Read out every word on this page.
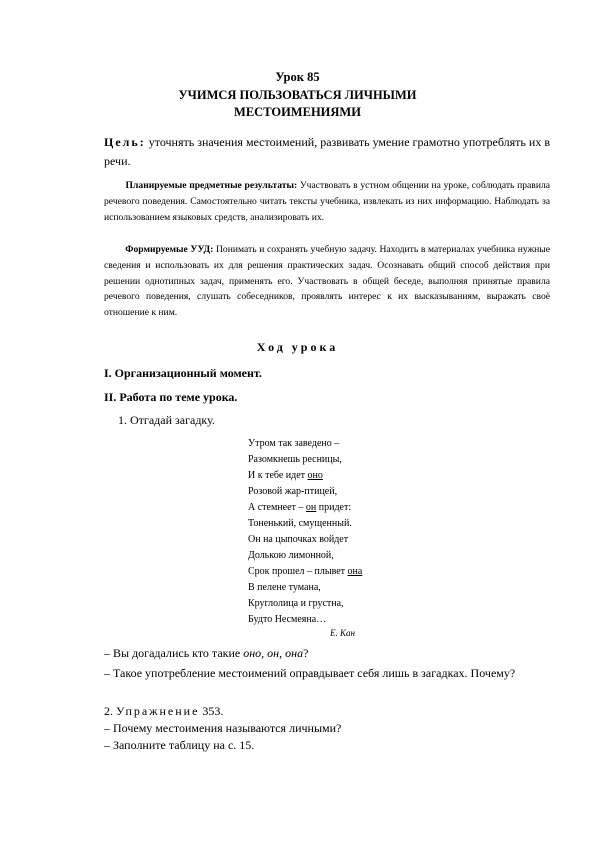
Урок 85
УЧИМСЯ ПОЛЬЗОВАТЬСЯ ЛИЧНЫМИ
МЕСТОИМЕНИЯМИ
Цель: уточнять значения местоимений, развивать умение грамотно употреблять их в речи.
Планируемые предметные результаты: Участвовать в устном общении на уроке, соблюдать правила речевого поведения. Самостоятельно читать тексты учебника, извлекать из них информацию. Наблюдать за использованием языковых средств, анализировать их.
Формируемые УУД: Понимать и сохранять учебную задачу. Находить в материалах учебника нужные сведения и использовать их для решения практических задач. Осознавать общий способ действия при решении однотипных задач, применять его. Участвовать в общей беседе, выполняя принятые правила речевого поведения, слушать собеседников, проявлять интерес к их высказываниям, выражать своё отношение к ним.
Ход урока
I. Организационный момент.
II. Работа по теме урока.
1. Отгадай загадку.
Утром так заведено –
Разомкнешь ресницы,
И к тебе идет оно
Розовой жар-птицей,
А стемнеет – он придет:
Тоненький, смущенный.
Он на цыпочках войдет
Долькою лимонной,
Срок прошел – плывет она
В пелене тумана,
Круглолица и грустна,
Будто Несмеяна…
Е. Кан
– Вы догадались кто такие оно, он, она?
– Такое употребление местоимений оправдывает себя лишь в загадках. Почему?
2. Упражнение 353.
– Почему местоимения называются личными?
– Заполните таблицу на с. 15.
